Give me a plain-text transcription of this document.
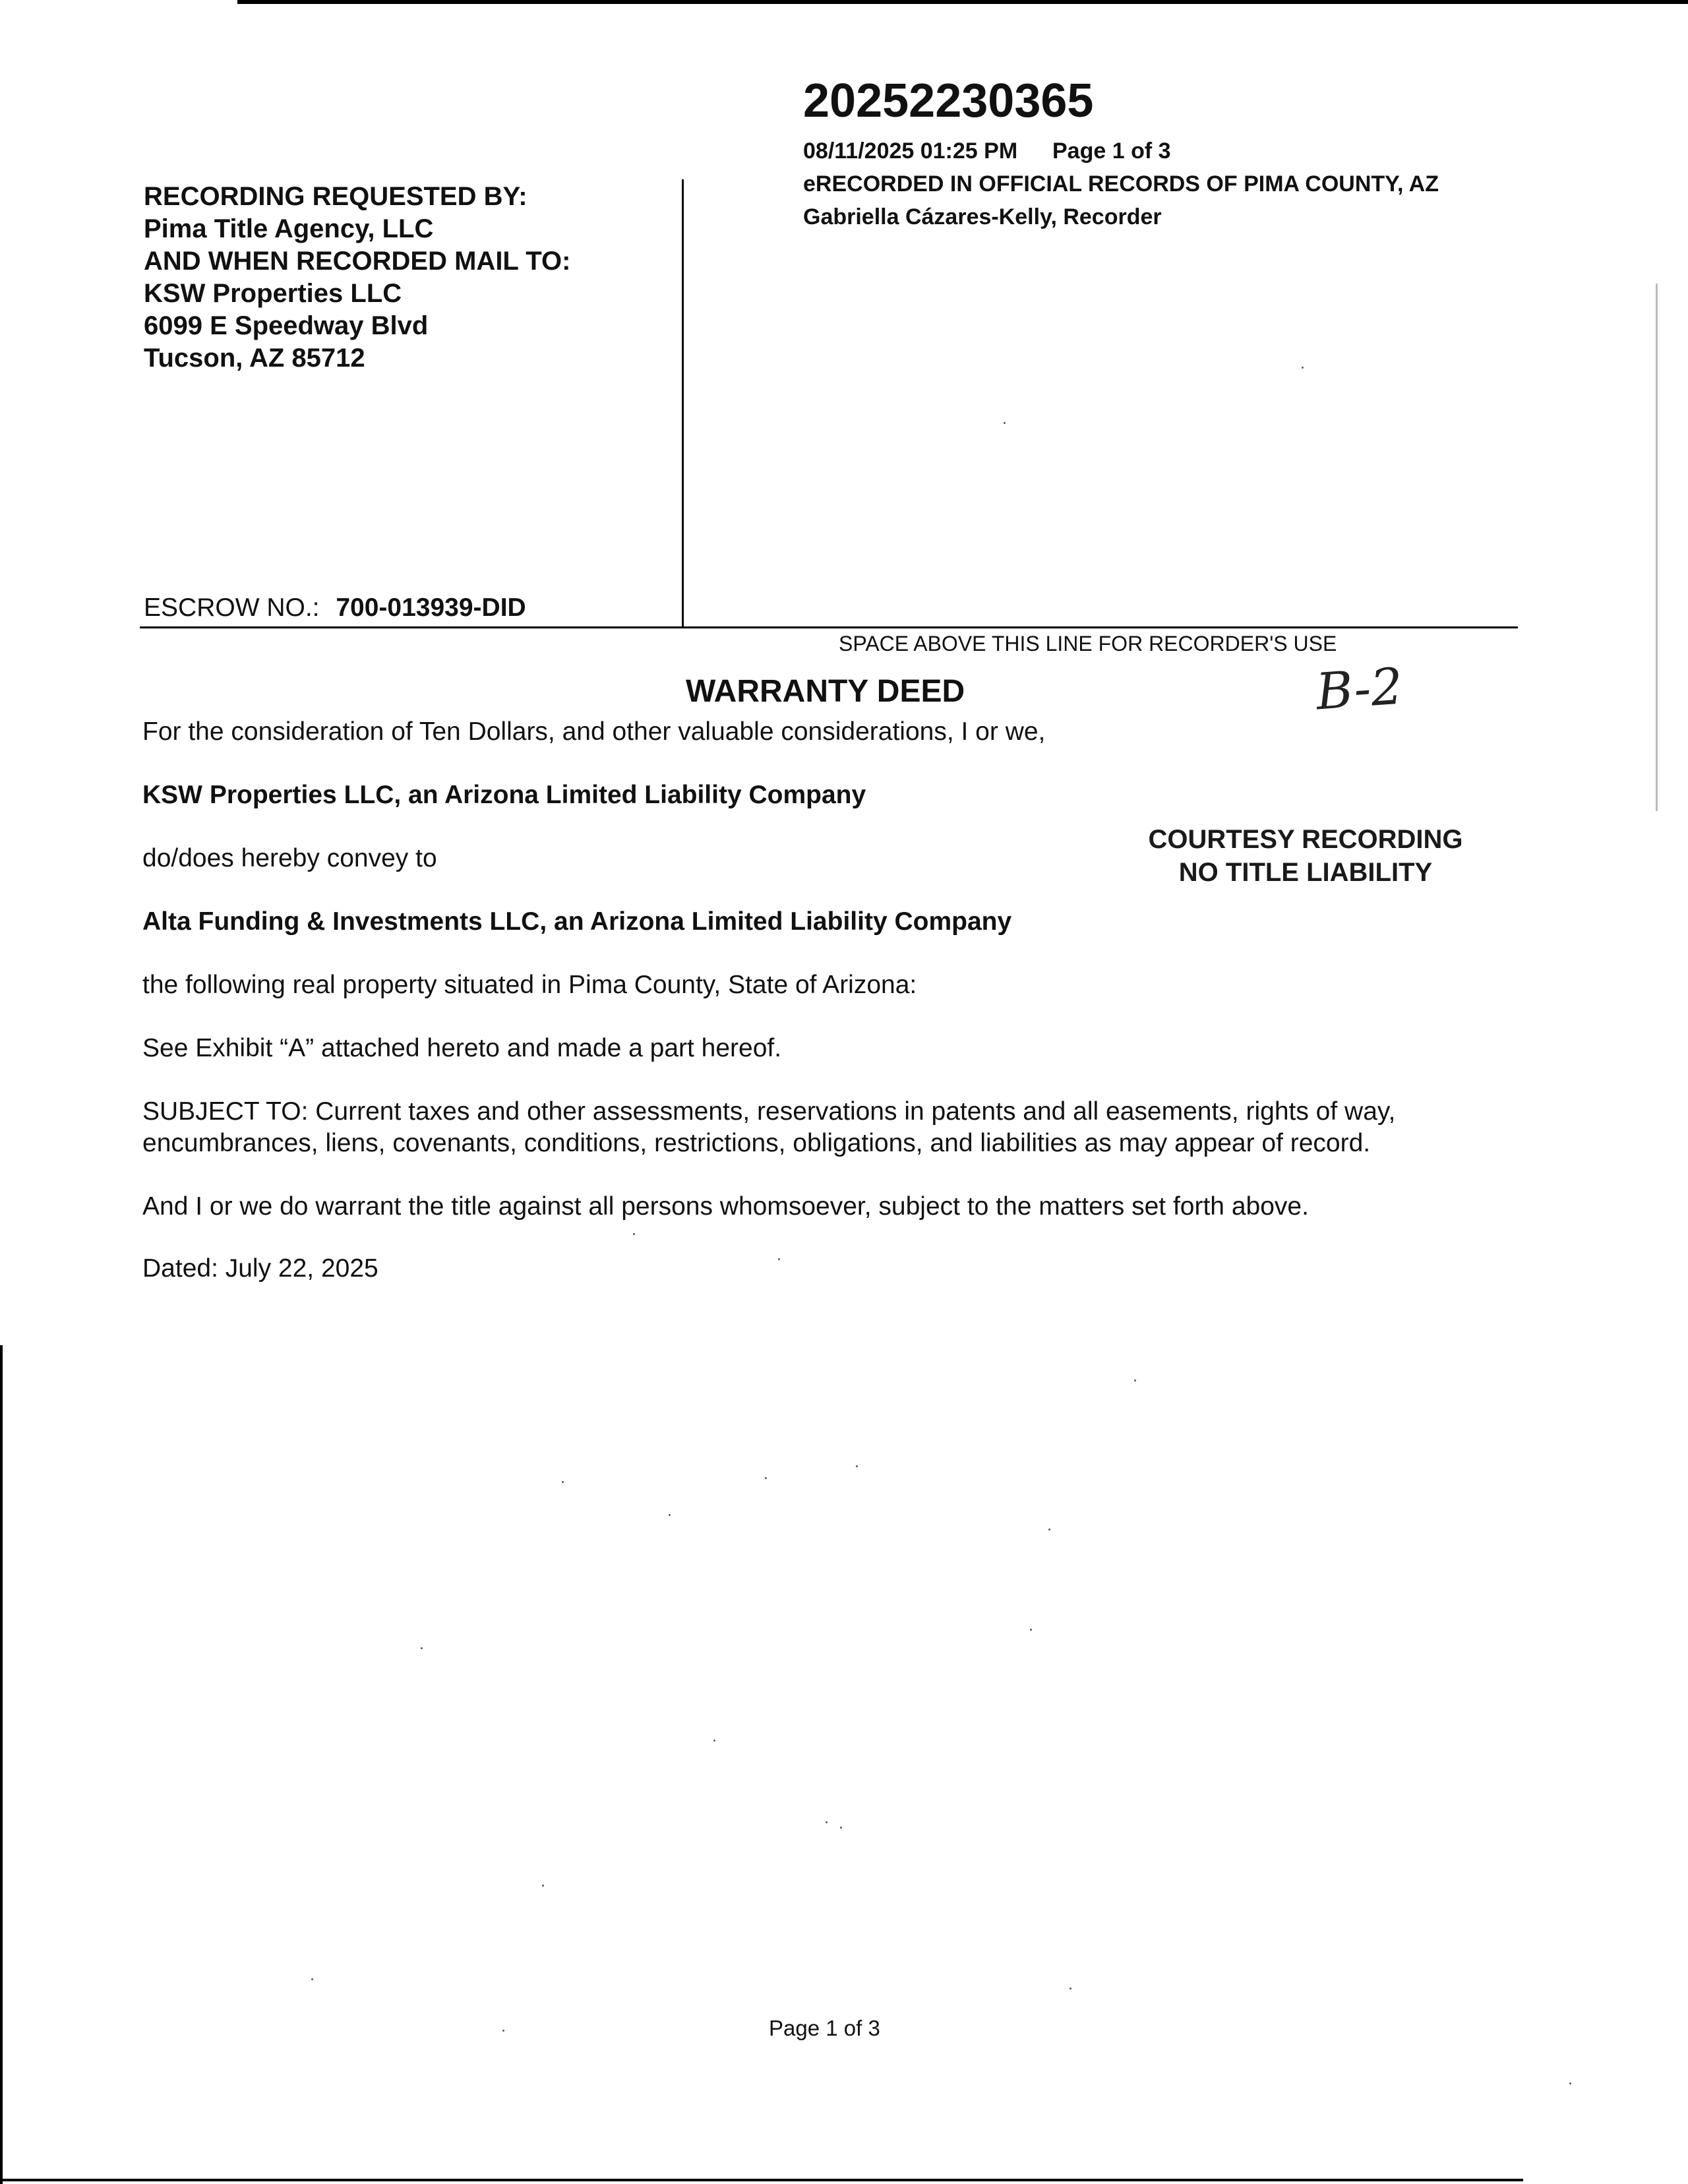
20252230365
08/11/2025 01:25 PM Page 1 of 3
eRECORDED IN OFFICIAL RECORDS OF PIMA COUNTY, AZ
Gabriella Cázares-Kelly, Recorder
RECORDING REQUESTED BY:
Pima Title Agency, LLC
AND WHEN RECORDED MAIL TO:
KSW Properties LLC
6099 E Speedway Blvd
Tucson, AZ 85712
ESCROW NO.: 700-013939-DID
SPACE ABOVE THIS LINE FOR RECORDER'S USE
WARRANTY DEED	B-2
For the consideration of Ten Dollars, and other valuable considerations, I or we,
KSW Properties LLC, an Arizona Limited Liability Company
do/does hereby convey to
Alta Funding & Investments LLC, an Arizona Limited Liability Company
the following real property situated in Pima County, State of Arizona:
See Exhibit “A” attached hereto and made a part hereof.
SUBJECT TO: Current taxes and other assessments, reservations in patents and all easements, rights of way,
encumbrances, liens, covenants, conditions, restrictions, obligations, and liabilities as may appear of record.
And I or we do warrant the title against all persons whomsoever, subject to the matters set forth above.
Dated: July 22, 2025
COURTESY RECORDING
NO TITLE LIABILITY
Page 1 of 3
